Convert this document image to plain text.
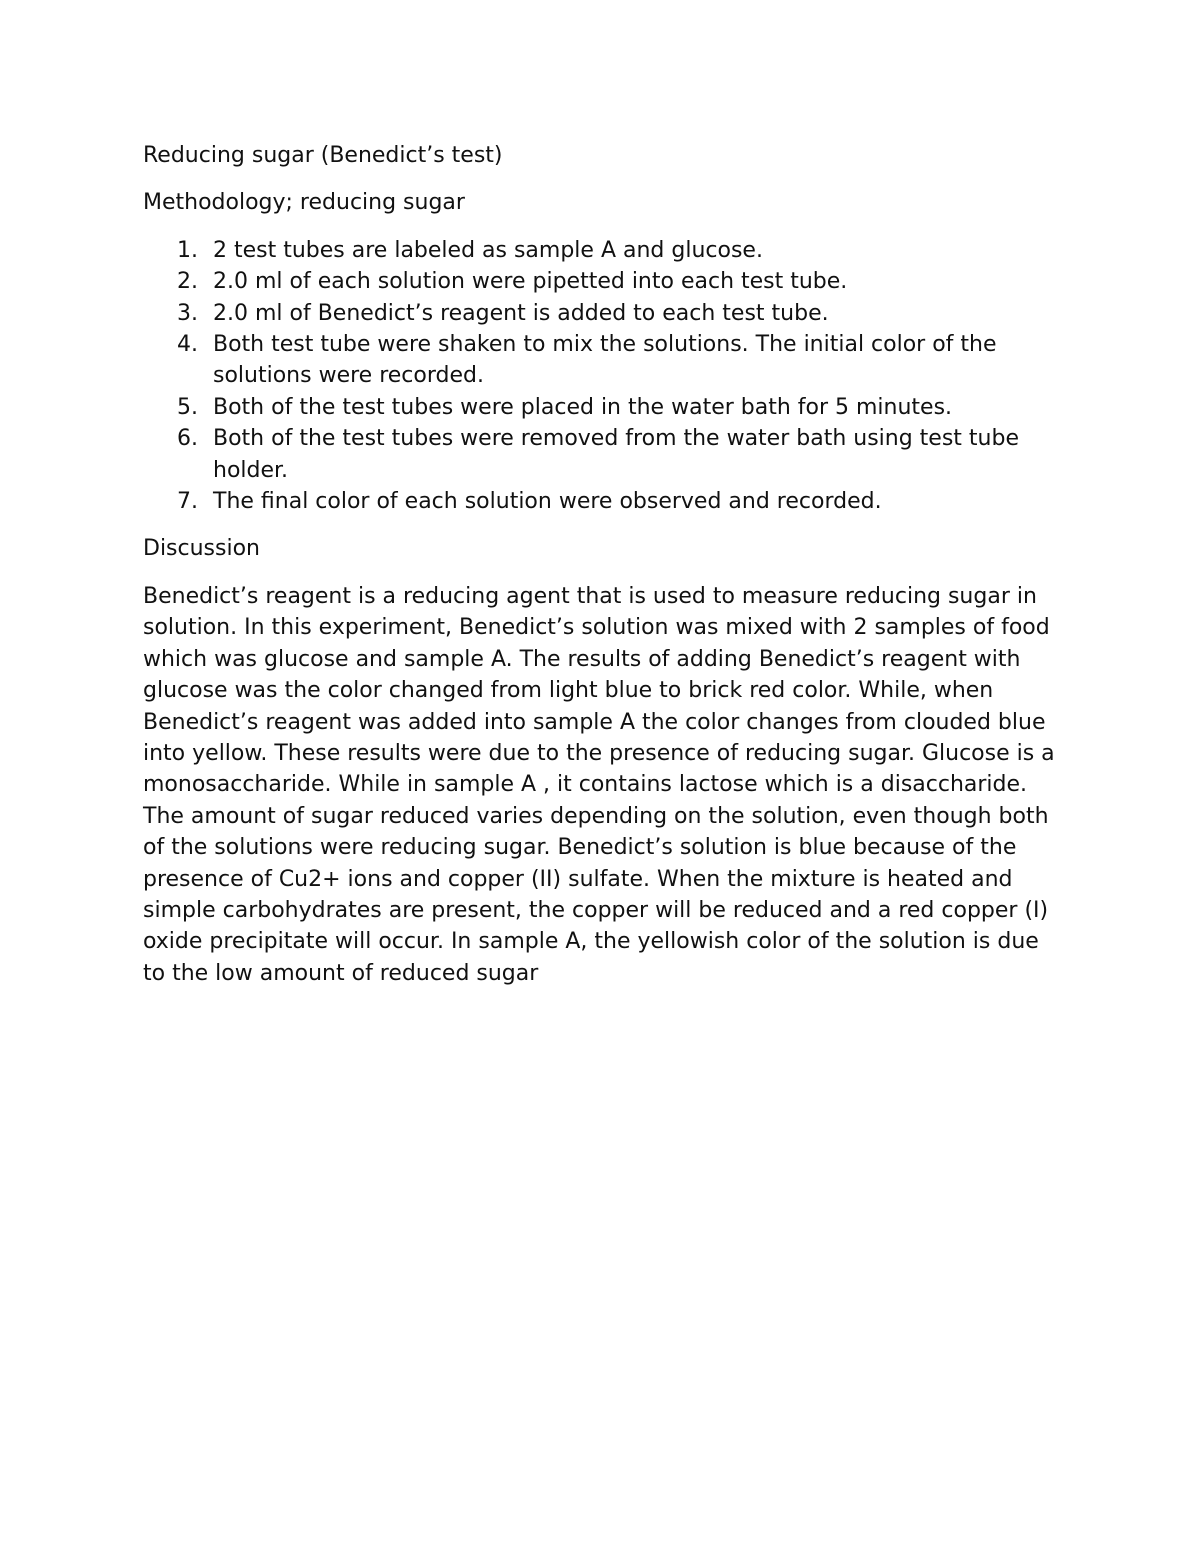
Reducing sugar (Benedict’s test)

Methodology; reducing sugar

1. 2 test tubes are labeled as sample A and glucose.
2. 2.0 ml of each solution were pipetted into each test tube.
3. 2.0 ml of Benedict’s reagent is added to each test tube.
4. Both test tube were shaken to mix the solutions. The initial color of the solutions were recorded.
5. Both of the test tubes were placed in the water bath for 5 minutes.
6. Both of the test tubes were removed from the water bath using test tube holder.
7. The final color of each solution were observed and recorded.

Discussion

Benedict’s reagent is a reducing agent that is used to measure reducing sugar in solution. In this experiment, Benedict’s solution was mixed with 2 samples of food which was glucose and sample A. The results of adding Benedict’s reagent with glucose was the color changed from light blue to brick red color. While, when Benedict’s reagent was added into sample A the color changes from clouded blue into yellow. These results were due to the presence of reducing sugar. Glucose is a monosaccharide. While in sample A , it contains lactose which is a disaccharide. The amount of sugar reduced varies depending on the solution, even though both of the solutions were reducing sugar. Benedict’s solution is blue because of the presence of Cu2+ ions and copper (II) sulfate. When the mixture is heated and simple carbohydrates are present, the copper will be reduced and a red copper (I) oxide precipitate will occur. In sample A, the yellowish color of the solution is due to the low amount of reduced sugar
